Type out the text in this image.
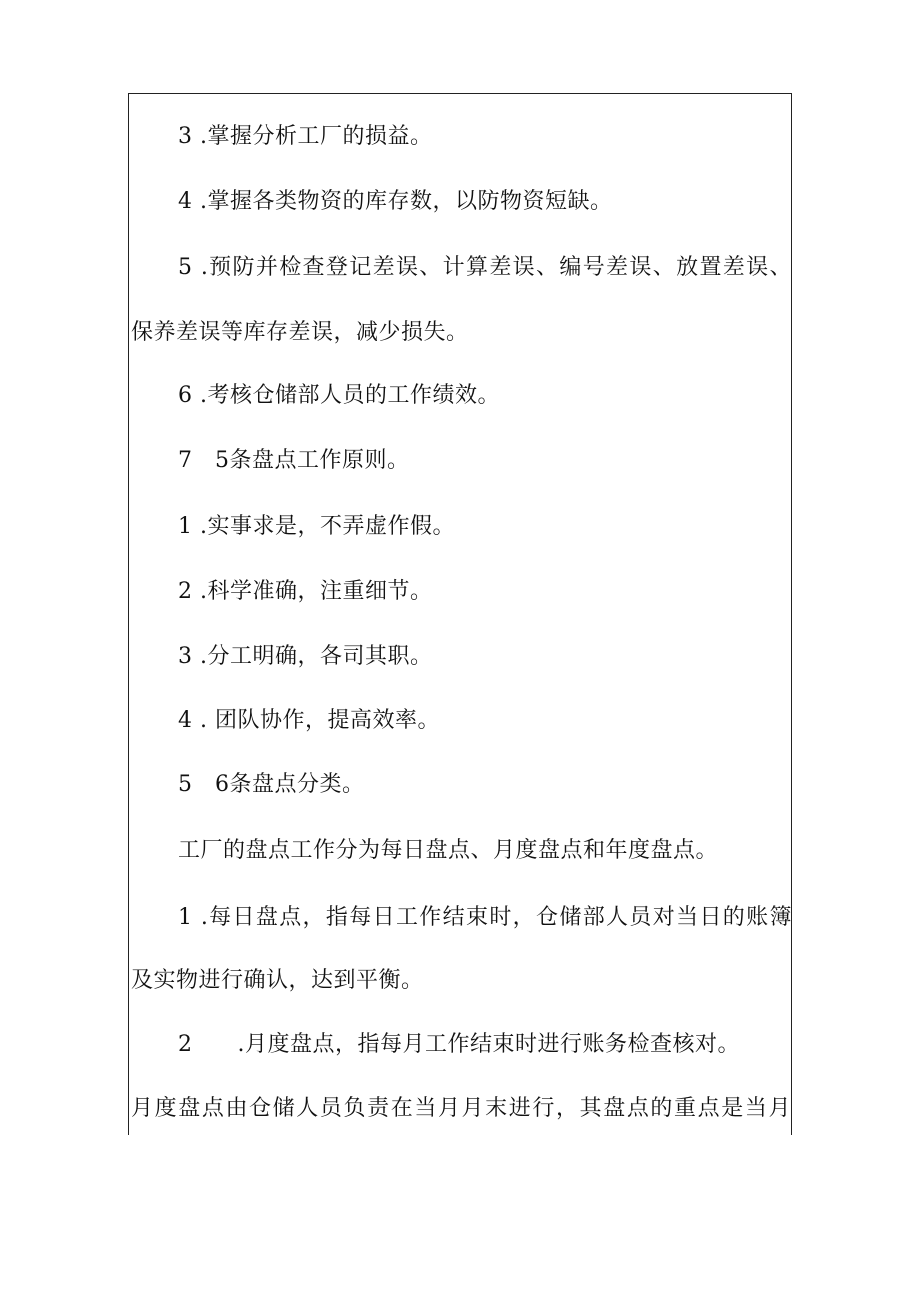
3 .掌握分析工厂的损益。
4 .掌握各类物资的库存数，以防物资短缺。
5 .预防并检查登记差误、计算差误、编号差误、放置差误、
保养差误等库存差误，减少损失。
6 .考核仓储部人员的工作绩效。
7　5条盘点工作原则。
1 .实事求是，不弄虚作假。
2 .科学准确，注重细节。
3 .分工明确，各司其职。
4 . 团队协作，提高效率。
5　6条盘点分类。
工厂的盘点工作分为每日盘点、月度盘点和年度盘点。
1 .每日盘点，指每日工作结束时，仓储部人员对当日的账簿
及实物进行确认，达到平衡。
2　　.月度盘点，指每月工作结束时进行账务检查核对。
月度盘点由仓储人员负责在当月月末进行，其盘点的重点是当月
